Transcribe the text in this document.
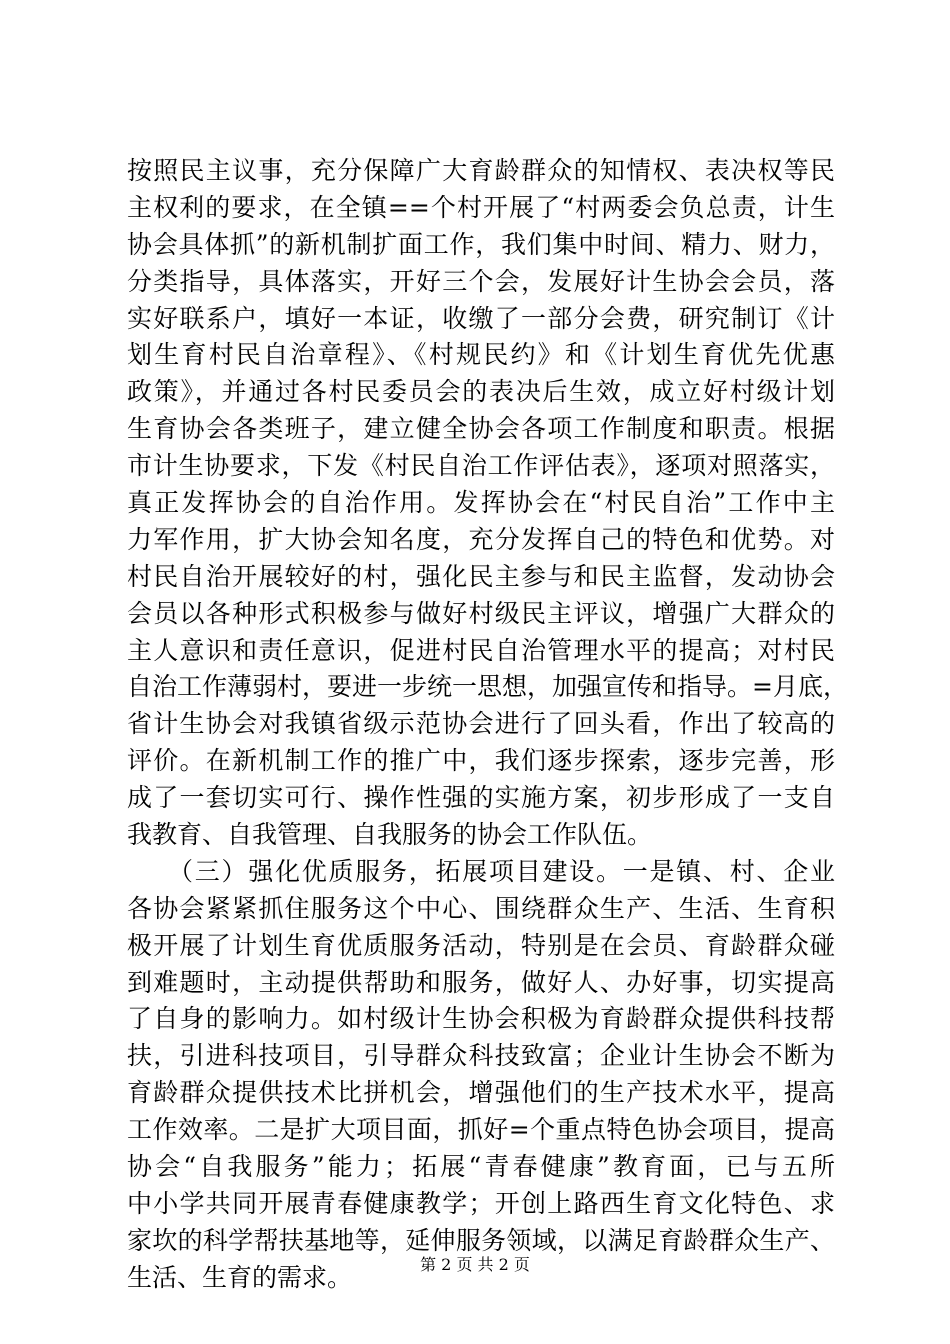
按照民主议事，充分保障广大育龄群众的知情权、表决权等民
主权利的要求，在全镇==个村开展了“村两委会负总责，计生
协会具体抓”的新机制扩面工作，我们集中时间、精力、财力，
分类指导，具体落实，开好三个会，发展好计生协会会员，落
实好联系户，填好一本证，收缴了一部分会费，研究制订《计
划生育村民自治章程》、《村规民约》和《计划生育优先优惠
政策》，并通过各村民委员会的表决后生效，成立好村级计划
生育协会各类班子，建立健全协会各项工作制度和职责。根据
市计生协要求，下发《村民自治工作评估表》，逐项对照落实，
真正发挥协会的自治作用。发挥协会在“村民自治”工作中主
力军作用，扩大协会知名度，充分发挥自己的特色和优势。对
村民自治开展较好的村，强化民主参与和民主监督，发动协会
会员以各种形式积极参与做好村级民主评议，增强广大群众的
主人意识和责任意识，促进村民自治管理水平的提高；对村民
自治工作薄弱村，要进一步统一思想，加强宣传和指导。=月底，
省计生协会对我镇省级示范协会进行了回头看，作出了较高的
评价。在新机制工作的推广中，我们逐步探索，逐步完善，形
成了一套切实可行、操作性强的实施方案，初步形成了一支自
我教育、自我管理、自我服务的协会工作队伍。
　　（三）强化优质服务，拓展项目建设。一是镇、村、企业
各协会紧紧抓住服务这个中心、围绕群众生产、生活、生育积
极开展了计划生育优质服务活动，特别是在会员、育龄群众碰
到难题时，主动提供帮助和服务，做好人、办好事，切实提高
了自身的影响力。如村级计生协会积极为育龄群众提供科技帮
扶，引进科技项目，引导群众科技致富；企业计生协会不断为
育龄群众提供技术比拼机会，增强他们的生产技术水平，提高
工作效率。二是扩大项目面，抓好=个重点特色协会项目，提高
协会“自我服务”能力；拓展“青春健康”教育面，已与五所
中小学共同开展青春健康教学；开创上路西生育文化特色、求
家坎的科学帮扶基地等，延伸服务领域，以满足育龄群众生产、
生活、生育的需求。	第 2 页 共 2 页
